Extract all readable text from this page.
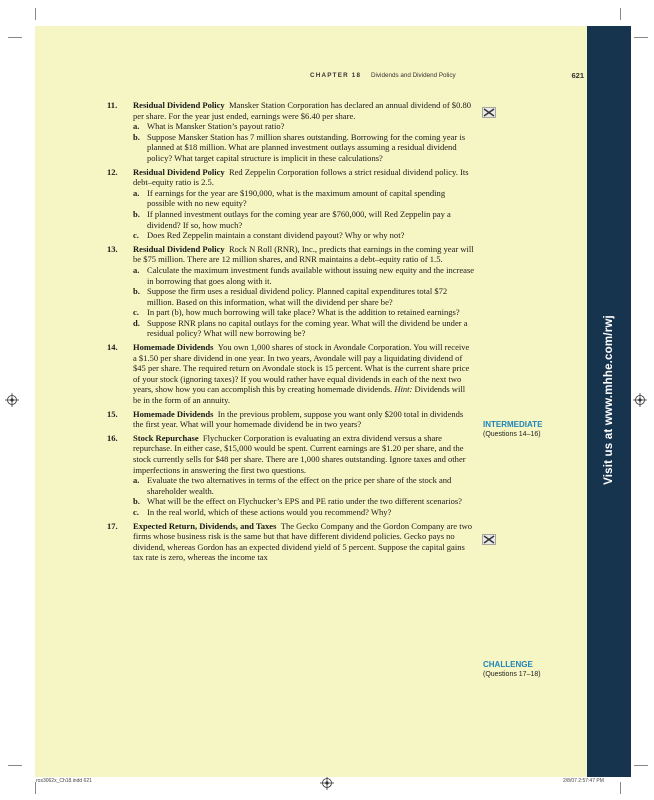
Visit us at www.mhhe.com/rwj
CHAPTER 18 Dividends and Dividend Policy	621
11. Residual Dividend Policy  Mansker Station Corporation has declared an annual dividend of $0.80 per share. For the year just ended, earnings were $6.40 per share.
a. What is Mansker Station’s payout ratio?
b. Suppose Mansker Station has 7 million shares outstanding. Borrowing for the coming year is planned at $18 million. What are planned investment outlays assuming a residual dividend policy? What target capital structure is implicit in these calculations?
12. Residual Dividend Policy  Red Zeppelin Corporation follows a strict residual dividend policy. Its debt–equity ratio is 2.5.
a. If earnings for the year are $190,000, what is the maximum amount of capital spending possible with no new equity?
b. If planned investment outlays for the coming year are $760,000, will Red Zeppelin pay a dividend? If so, how much?
c. Does Red Zeppelin maintain a constant dividend payout? Why or why not?
13. Residual Dividend Policy  Rock N Roll (RNR), Inc., predicts that earnings in the coming year will be $75 million. There are 12 million shares, and RNR maintains a debt–equity ratio of 1.5.
a. Calculate the maximum investment funds available without issuing new equity and the increase in borrowing that goes along with it.
b. Suppose the firm uses a residual dividend policy. Planned capital expenditures total $72 million. Based on this information, what will the dividend per share be?
c. In part (b), how much borrowing will take place? What is the addition to retained earnings?
d. Suppose RNR plans no capital outlays for the coming year. What will the dividend be under a residual policy? What will new borrowing be?
14. Homemade Dividends  You own 1,000 shares of stock in Avondale Corporation. You will receive a $1.50 per share dividend in one year. In two years, Avondale will pay a liquidating dividend of $45 per share. The required return on Avondale stock is 15 percent. What is the current share price of your stock (ignoring taxes)? If you would rather have equal dividends in each of the next two years, show how you can accomplish this by creating homemade dividends. Hint: Dividends will be in the form of an annuity.
15. Homemade Dividends  In the previous problem, suppose you want only $200 total in dividends the first year. What will your homemade dividend be in two years?
16. Stock Repurchase  Flychucker Corporation is evaluating an extra dividend versus a share repurchase. In either case, $15,000 would be spent. Current earnings are $1.20 per share, and the stock currently sells for $48 per share. There are 1,000 shares outstanding. Ignore taxes and other imperfections in answering the first two questions.
a. Evaluate the two alternatives in terms of the effect on the price per share of the stock and shareholder wealth.
b. What will be the effect on Flychucker’s EPS and PE ratio under the two different scenarios?
c. In the real world, which of these actions would you recommend? Why?
17. Expected Return, Dividends, and Taxes  The Gecko Company and the Gordon Company are two firms whose business risk is the same but that have different dividend policies. Gecko pays no dividend, whereas Gordon has an expected dividend yield of 5 percent. Suppose the capital gains tax rate is zero, whereas the income tax
INTERMEDIATE
(Questions 14–16)
CHALLENGE
(Questions 17–18)
ros3062x_Ch18.indd 621	2/8/07 2:57:47 PM
